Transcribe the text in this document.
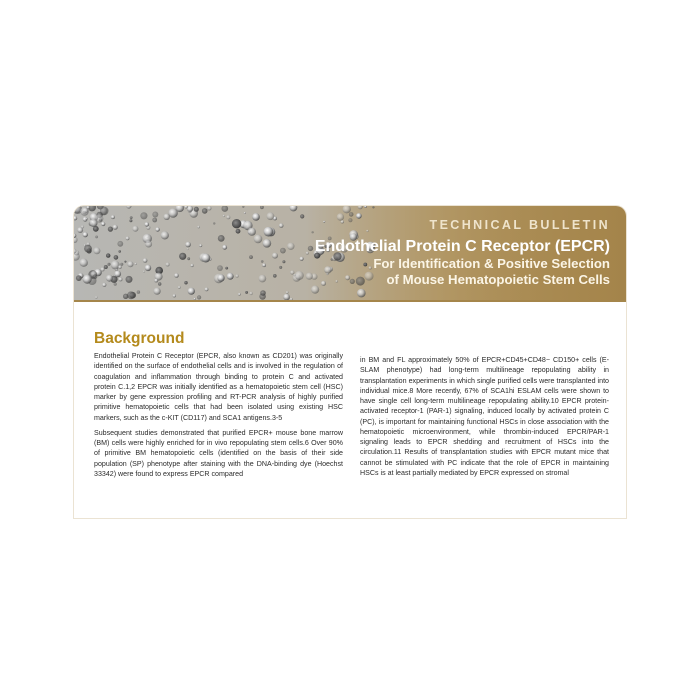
TECHNICAL BULLETIN
Endothelial Protein C Receptor (EPCR)
For Identification & Positive Selection
of Mouse Hematopoietic Stem Cells
Background

Endothelial Protein C Receptor (EPCR, also known as CD201) was originally identified on the surface of endothelial cells and is involved in the regulation of coagulation and inflammation through binding to protein C and activated protein C.1,2 EPCR was initially identified as a hematopoietic stem cell (HSC) marker by gene expression profiling and RT-PCR analysis of highly purified primitive hematopoietic cells that had been isolated using existing HSC markers, such as the c-KIT (CD117) and SCA1 antigens.3-5

Subsequent studies demonstrated that purified EPCR+ mouse bone marrow (BM) cells were highly enriched for in vivo repopulating stem cells.6 Over 90% of primitive BM hematopoietic cells (identified on the basis of their side population (SP) phenotype after staining with the DNA-binding dye (Hoechst 33342) were found to express EPCR compared

in BM and FL approximately 50% of EPCR+CD45+CD48− CD150+ cells (E-SLAM phenotype) had long-term multilineage repopulating ability in transplantation experiments in which single purified cells were transplanted into individual mice.8 More recently, 67% of SCA1hi ESLAM cells were shown to have single cell long-term multilineage repopulating ability.10 EPCR protein-activated receptor-1 (PAR-1) signaling, induced locally by activated protein C (PC), is important for maintaining functional HSCs in close association with the hematopoietic microenvironment, while thrombin-induced EPCR/PAR-1 signaling leads to EPCR shedding and recruitment of HSCs into the circulation.11 Results of transplantation studies with EPCR mutant mice that cannot be stimulated with PC indicate that the role of EPCR in maintaining HSCs is at least partially mediated by EPCR expressed on stromal
